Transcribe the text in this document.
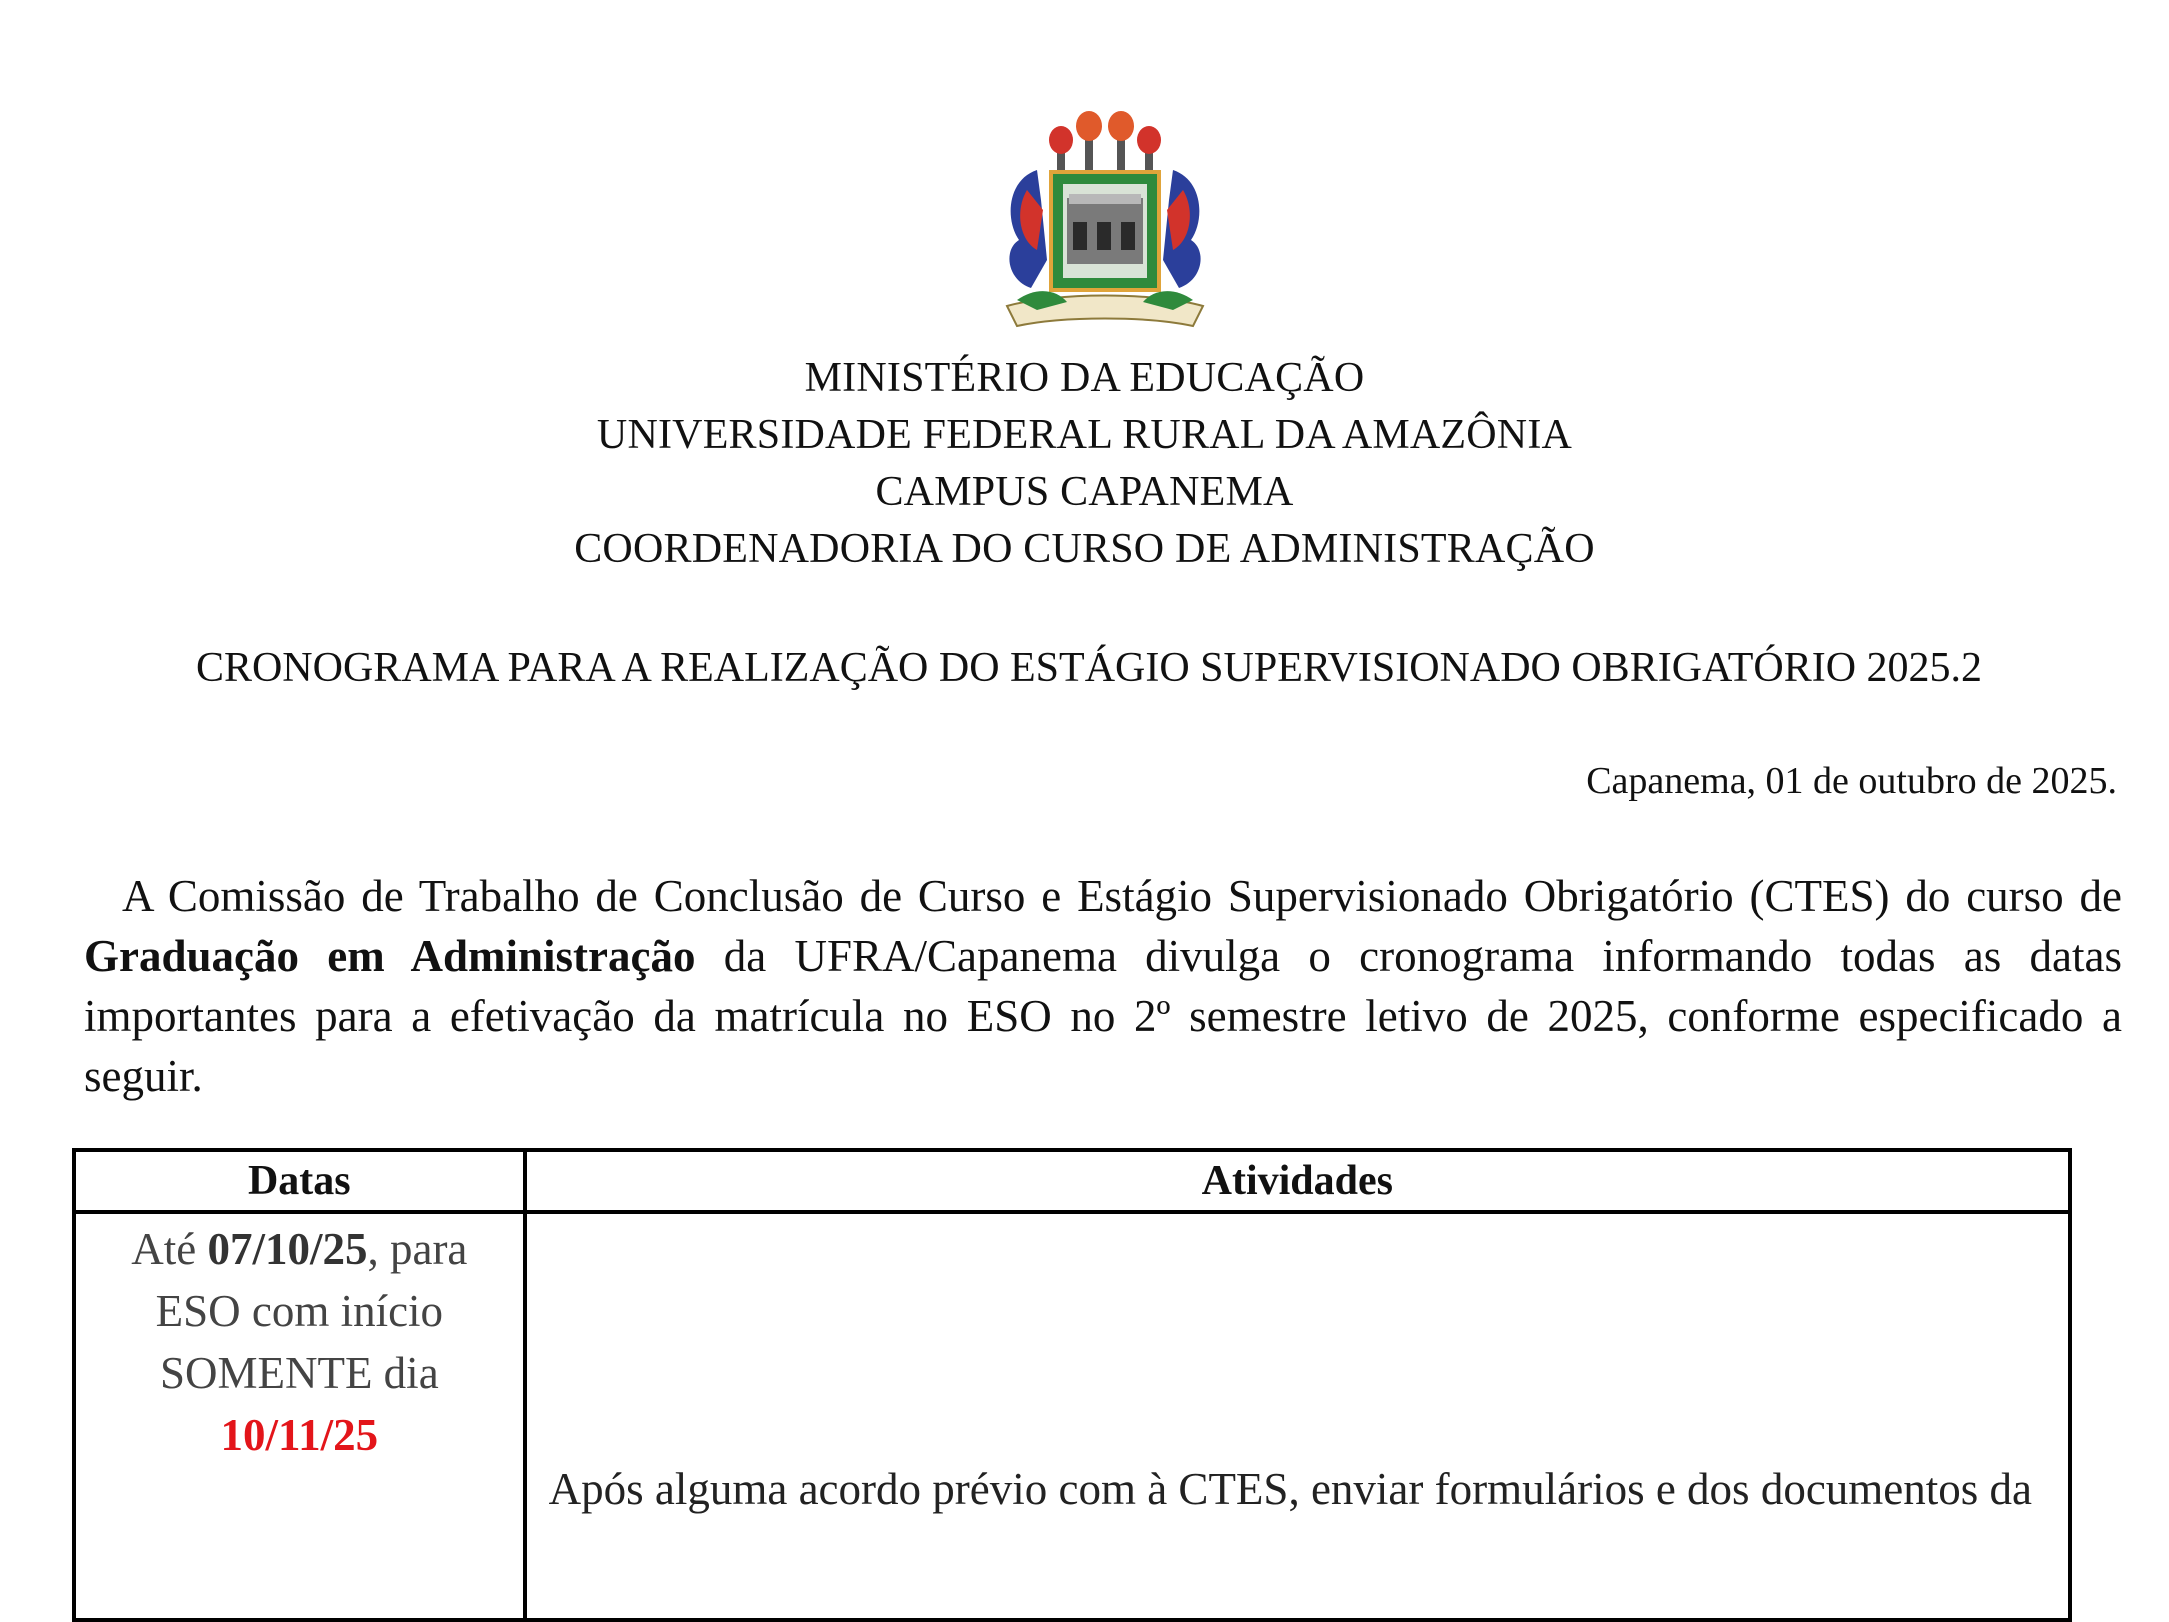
MINISTÉRIO DA EDUCAÇÃO
UNIVERSIDADE FEDERAL RURAL DA AMAZÔNIA
CAMPUS CAPANEMA
COORDENADORIA DO CURSO DE ADMINISTRAÇÃO
CRONOGRAMA PARA A REALIZAÇÃO DO ESTÁGIO SUPERVISIONADO OBRIGATÓRIO 2025.2
Capanema, 01 de outubro de 2025.

A Comissão de Trabalho de Conclusão de Curso e Estágio Supervisionado Obrigatório (CTES) do curso de Graduação em Administração da UFRA/Capanema divulga o cronograma informando todas as datas importantes para a efetivação da matrícula no ESO no 2º semestre letivo de 2025, conforme especificado a seguir.

Datas	Atividades

Até 07/10/25, para
ESO com início
SOMENTE dia
10/11/25	Após alguma acordo prévio com à CTES, enviar formulários e dos documentos da
